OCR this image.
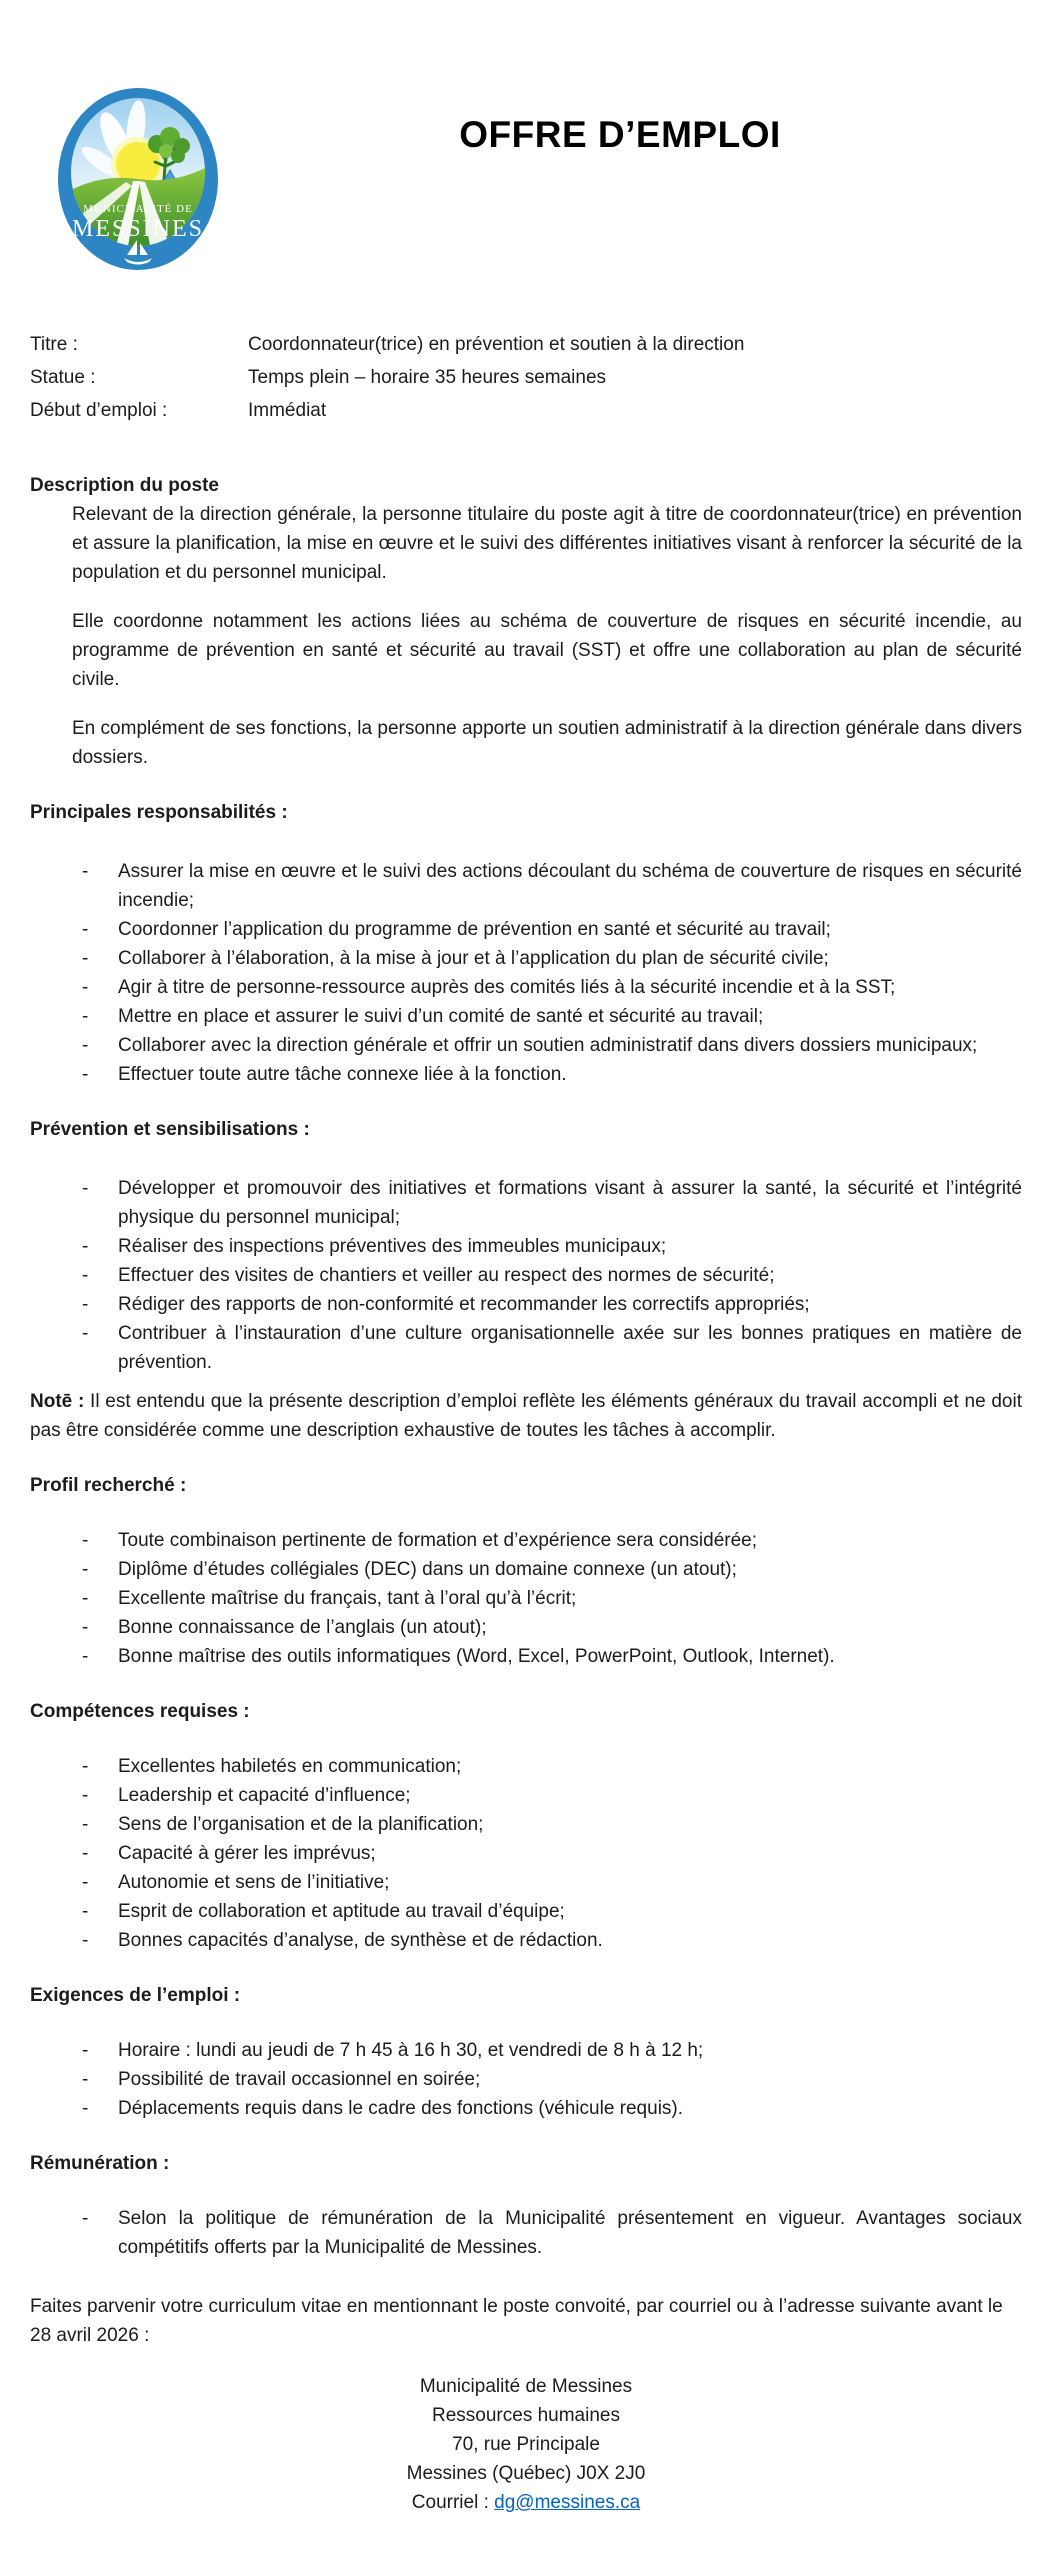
MUNICIPALITÉ DE
MESSINES
OFFRE D’EMPLOI
Titre :	Coordonnateur(trice) en prévention et soutien à la direction
Statue :	Temps plein – horaire 35 heures semaines
Début d’emploi :	Immédiat
Description du poste

Relevant de la direction générale, la personne titulaire du poste agit à titre de coordonnateur(trice) en prévention et assure la planification, la mise en œuvre et le suivi des différentes initiatives visant à renforcer la sécurité de la population et du personnel municipal.

Elle coordonne notamment les actions liées au schéma de couverture de risques en sécurité incendie, au programme de prévention en santé et sécurité au travail (SST) et offre une collaboration au plan de sécurité civile.

En complément de ses fonctions, la personne apporte un soutien administratif à la direction générale dans divers dossiers.

Principales responsabilités :
-	Assurer la mise en œuvre et le suivi des actions découlant du schéma de couverture de risques en sécurité incendie;
-	Coordonner l’application du programme de prévention en santé et sécurité au travail;
-	Collaborer à l’élaboration, à la mise à jour et à l’application du plan de sécurité civile;
-	Agir à titre de personne-ressource auprès des comités liés à la sécurité incendie et à la SST;
-	Mettre en place et assurer le suivi d’un comité de santé et sécurité au travail;
-	Collaborer avec la direction générale et offrir un soutien administratif dans divers dossiers municipaux;
-	Effectuer toute autre tâche connexe liée à la fonction.
Prévention et sensibilisations :
-	Développer et promouvoir des initiatives et formations visant à assurer la santé, la sécurité et l’intégrité physique du personnel municipal;
-	Réaliser des inspections préventives des immeubles municipaux;
-	Effectuer des visites de chantiers et veiller au respect des normes de sécurité;
-	Rédiger des rapports de non-conformité et recommander les correctifs appropriés;
-	Contribuer à l’instauration d’une culture organisationnelle axée sur les bonnes pratiques en matière de prévention.

Notē : Il est entendu que la présente description d’emploi reflète les éléments généraux du travail accompli et ne doit pas être considérée comme une description exhaustive de toutes les tâches à accomplir.

Profil recherché :
-	Toute combinaison pertinente de formation et d’expérience sera considérée;
-	Diplôme d’études collégiales (DEC) dans un domaine connexe (un atout);
-	Excellente maîtrise du français, tant à l’oral qu’à l’écrit;
-	Bonne connaissance de l’anglais (un atout);
-	Bonne maîtrise des outils informatiques (Word, Excel, PowerPoint, Outlook, Internet).
Compétences requises :
-	Excellentes habiletés en communication;
-	Leadership et capacité d’influence;
-	Sens de l’organisation et de la planification;
-	Capacité à gérer les imprévus;
-	Autonomie et sens de l’initiative;
-	Esprit de collaboration et aptitude au travail d’équipe;
-	Bonnes capacités d’analyse, de synthèse et de rédaction.
Exigences de l’emploi :
-	Horaire : lundi au jeudi de 7 h 45 à 16 h 30, et vendredi de 8 h à 12 h;
-	Possibilité de travail occasionnel en soirée;
-	Déplacements requis dans le cadre des fonctions (véhicule requis).
Rémunération :
-	Selon la politique de rémunération de la Municipalité présentement en vigueur. Avantages sociaux compétitifs offerts par la Municipalité de Messines.

Faites parvenir votre curriculum vitae en mentionnant le poste convoité, par courriel ou à l’adresse suivante avant le 28 avril 2026 :

Municipalité de Messines
Ressources humaines
70, rue Principale
Messines (Québec) J0X 2J0
Courriel : dg@messines.ca
